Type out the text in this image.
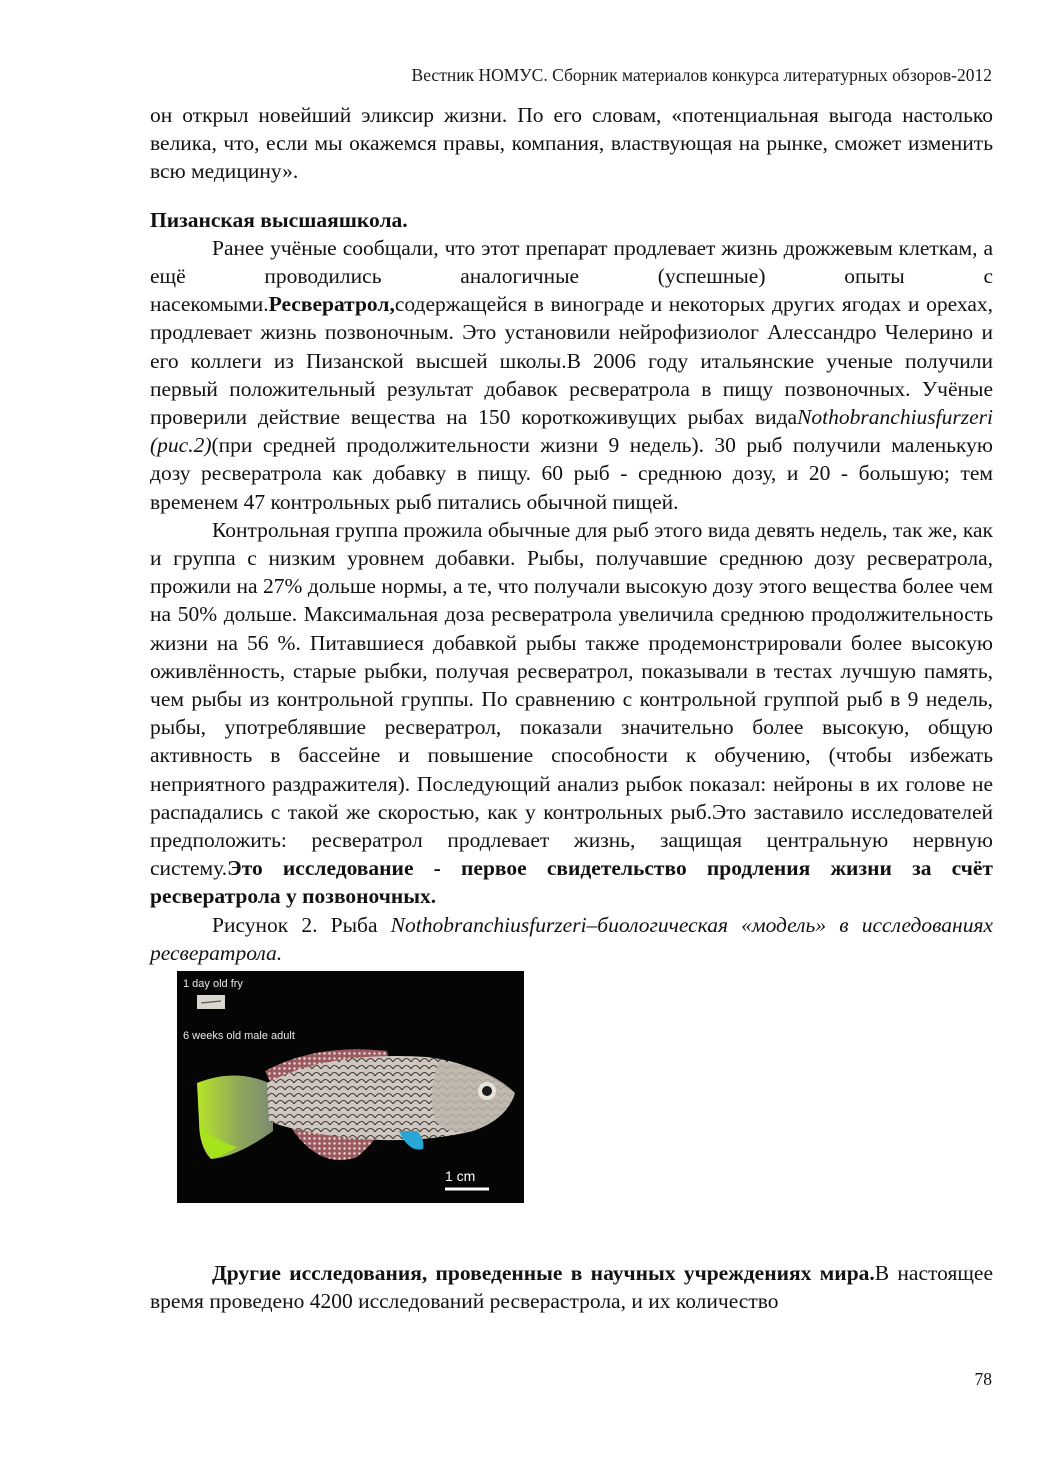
Вестник НОМУС. Сборник материалов конкурса литературных обзоров-2012

он открыл новейший эликсир жизни. По его словам, «потенциальная выгода настолько велика, что, если мы окажемся правы, компания, властвующая на рынке, сможет изменить всю медицину».

Пизанская высшаяшкола.

Ранее учёные сообщали, что этот препарат продлевает жизнь дрожжевым клеткам, а ещё проводились аналогичные (успешные) опыты с насекомыми.Ресвератрол,содержащейся в винограде и некоторых других ягодах и орехах, продлевает жизнь позвоночным. Это установили нейрофизиолог Алессандро Челерино и его коллеги из Пизанской высшей школы.В 2006 году итальянские ученые получили первый положительный результат добавок ресвератрола в пищу позвоночных. Учёные проверили действие вещества на 150 короткоживущих рыбах видаNothobranchiusfurzeri (рис.2)(при средней продолжительности жизни 9 недель). 30 рыб получили маленькую дозу ресвератрола как добавку в пищу. 60 рыб - среднюю дозу, и 20 - большую; тем временем 47 контрольных рыб питались обычной пищей.

Контрольная группа прожила обычные для рыб этого вида девять недель, так же, как и группа с низким уровнем добавки. Рыбы, получавшие среднюю дозу ресвератрола, прожили на 27% дольше нормы, а те, что получали высокую дозу этого вещества более чем на 50% дольше. Максимальная доза ресвератрола увеличила среднюю продолжительность жизни на 56 %. Питавшиеся добавкой рыбы также продемонстрировали более высокую оживлённость, старые рыбки, получая ресвератрол, показывали в тестах лучшую память, чем рыбы из контрольной группы. По сравнению с контрольной группой рыб в 9 недель, рыбы, употреблявшие ресвератрол, показали значительно более высокую, общую активность в бассейне и повышение способности к обучению, (чтобы избежать неприятного раздражителя). Последующий анализ рыбок показал: нейроны в их голове не распадались с такой же скоростью, как у контрольных рыб.Это заставило исследователей предположить: ресвератрол продлевает жизнь, защищая центральную нервную систему.Это исследование - первое свидетельство продления жизни за счёт ресвератрола у позвоночных.

Рисунок 2. Рыба Nothobranchiusfurzeri–биологическая «модель» в исследованиях ресвератрола.

1 day old fry
6 weeks old male adult
1 cm

Другие исследования, проведенные в научных учреждениях мира.В настоящее время проведено 4200 исследований ресверастрола, и их количество

78
